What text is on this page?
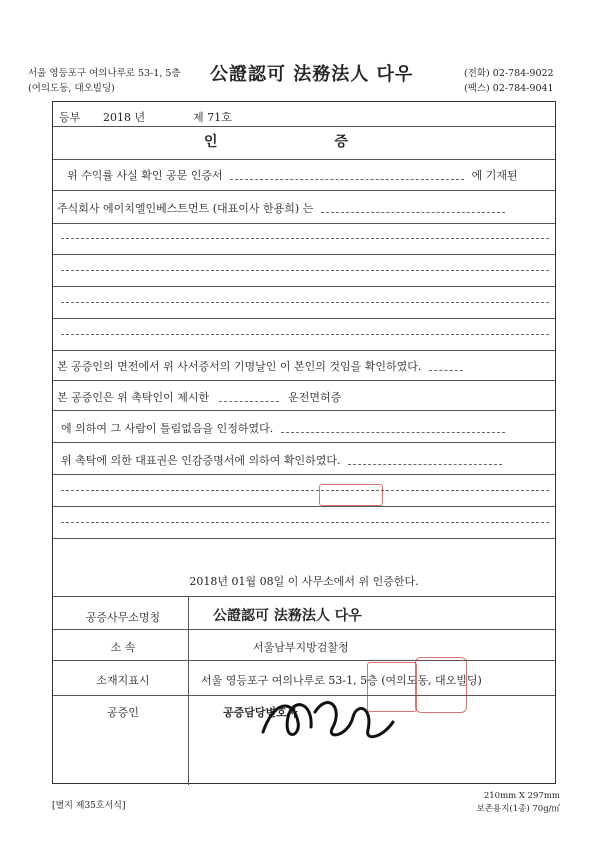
서울 영등포구 여의나루로 53-1, 5층
(여의도동, 대오빌딩)
公證認可 法務法人 다우	(전화) 02-784-9022
(팩스) 02-784-9041
등부 2018 년	제 71호
인 증
위 수익률 사실 확인 공문 인증서	에 기재된
주식회사 에이치엘인베스트먼트 (대표이사 한용희) 는
본 공증인의 면전에서 위 사서증서의 기명날인 이 본인의 것임을 확인하였다.
본 공증인은 위 촉탁인이 제시한	운전면허증
에 의하여 그 사람이 틀림없음을 인정하였다.
위 촉탁에 의한 대표권은 인감증명서에 의하여 확인하였다.
2018년 01월 08일 이 사무소에서 위 인증한다.
공증사무소명칭	公證認可 法務法人 다우
소 속	서울남부지방검찰청
소재지표시	서울 영등포구 여의나루로 53-1, 5층 (여의도동, 대오빌딩)
공증인	공증담당변호사
[별지 제35호서식]
210mm X 297mm
보존용지(1종) 70g/㎡
